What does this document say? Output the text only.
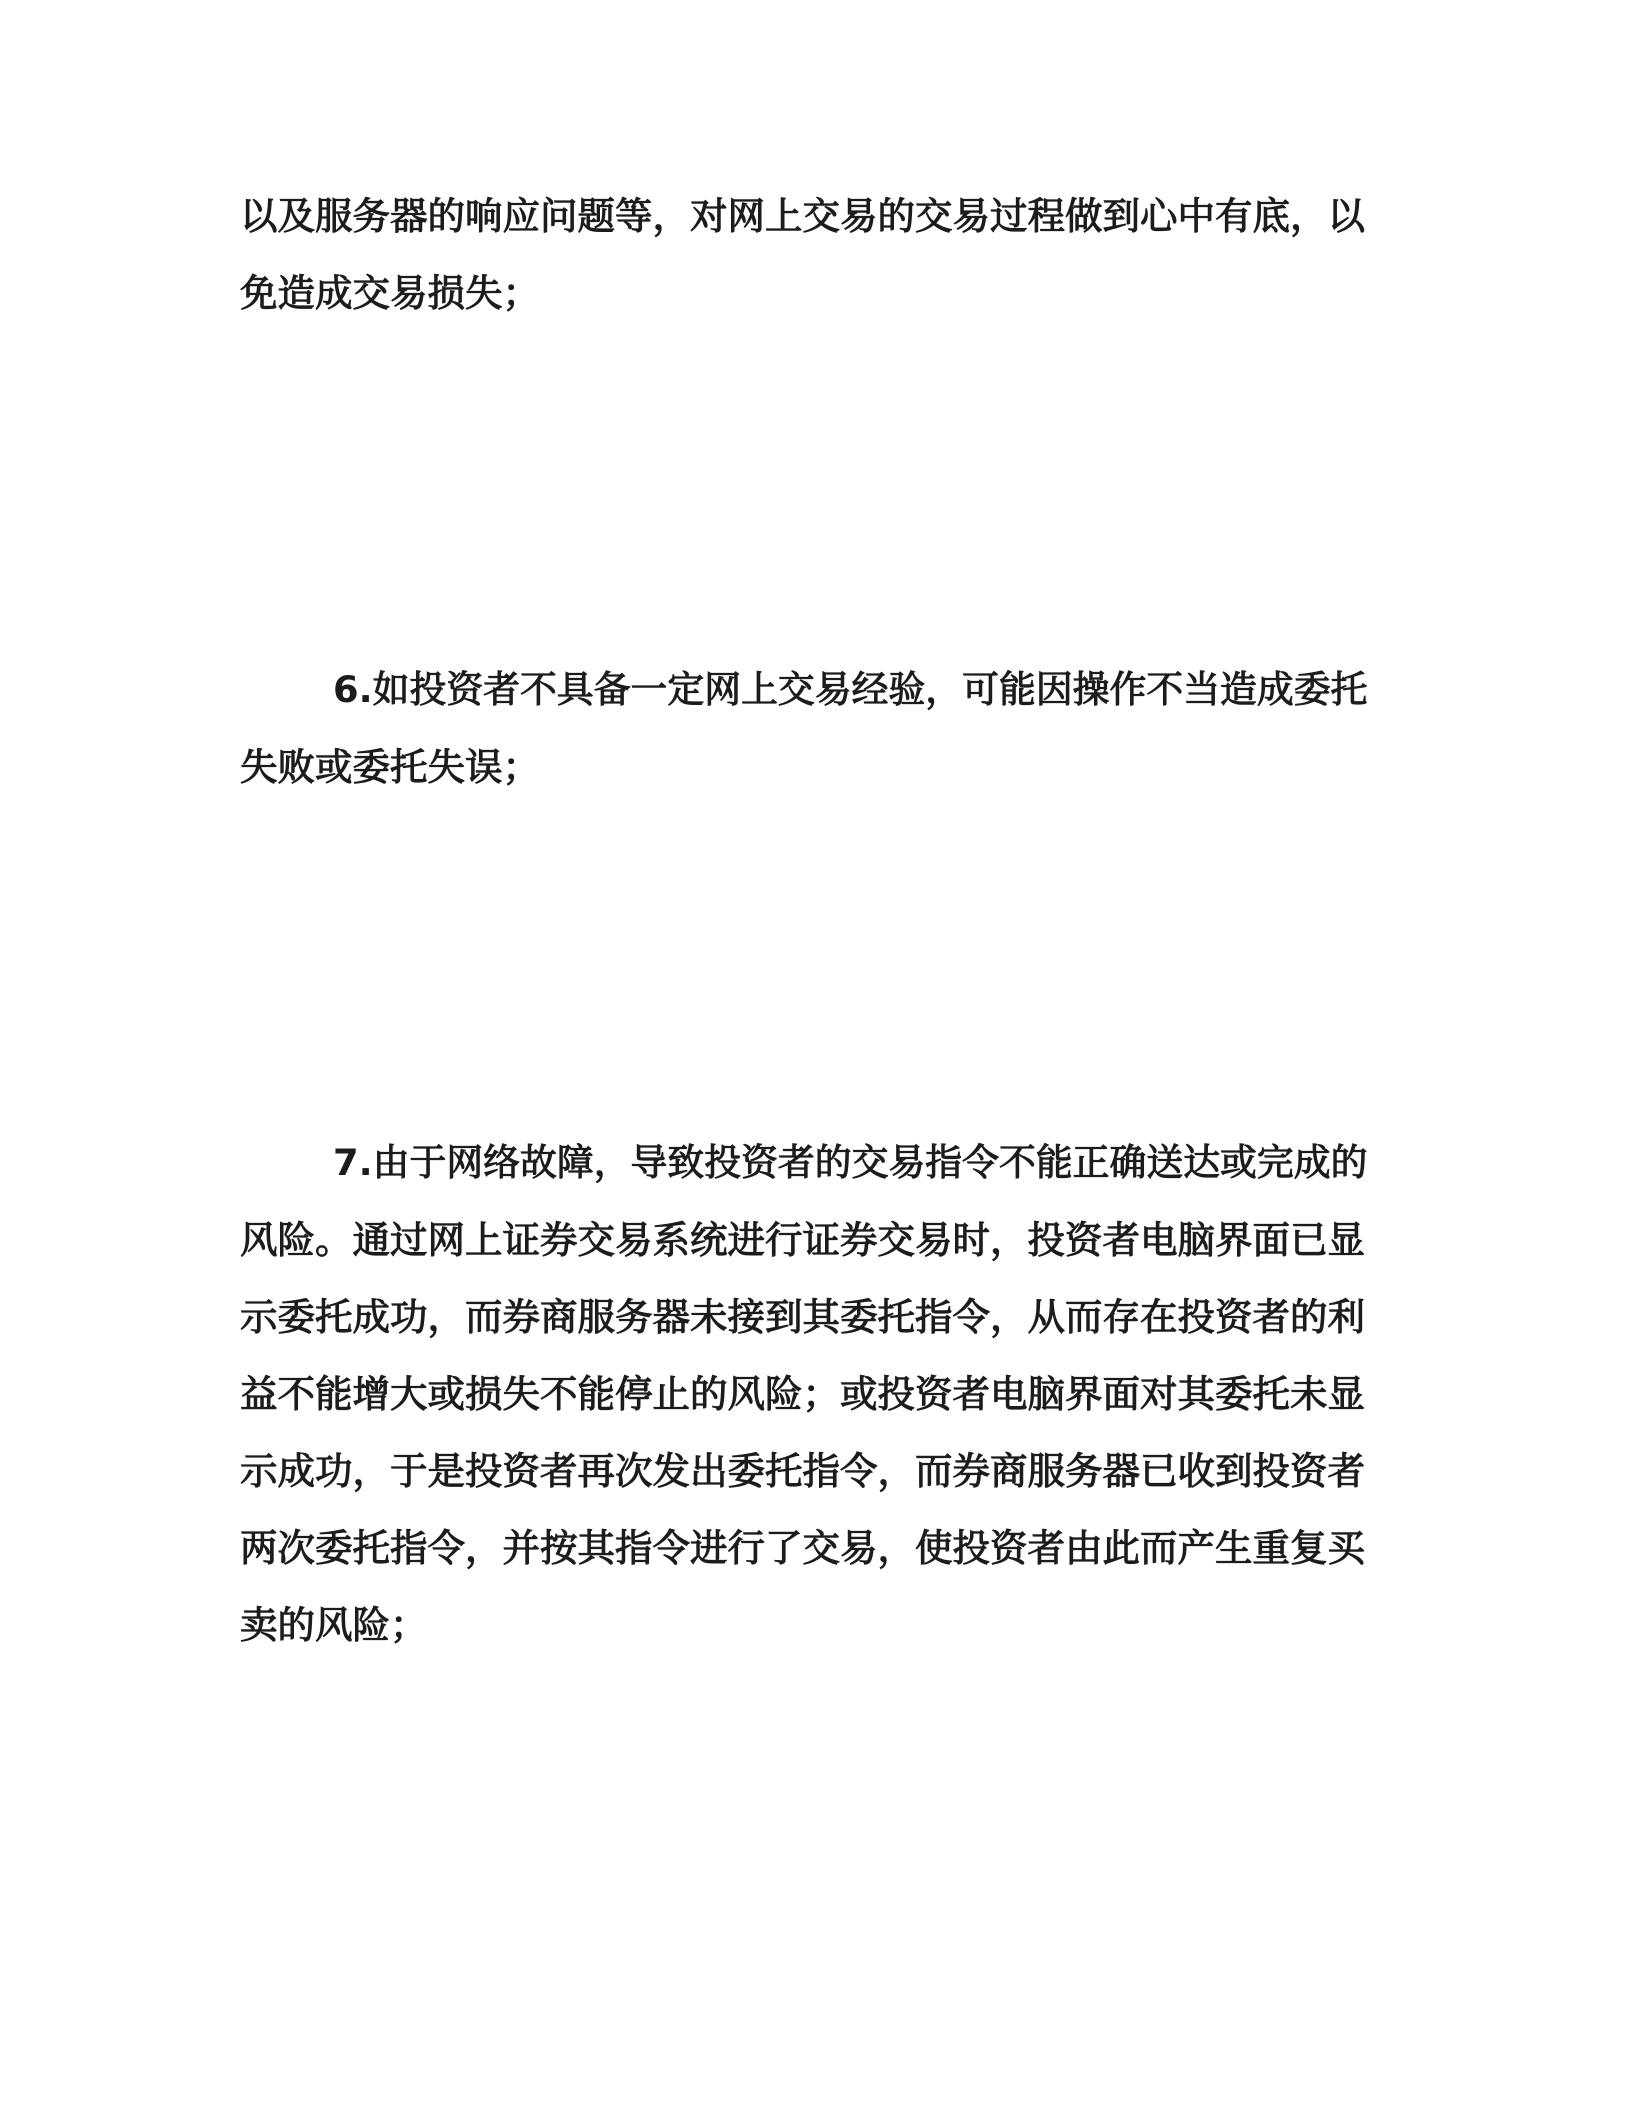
以及服务器的响应问题等，对网上交易的交易过程做到心中有底，以
免造成交易损失；
6.如投资者不具备一定网上交易经验，可能因操作不当造成委托
失败或委托失误；
7.由于网络故障，导致投资者的交易指令不能正确送达或完成的
风险。通过网上证券交易系统进行证券交易时，投资者电脑界面已显
示委托成功，而券商服务器未接到其委托指令，从而存在投资者的利
益不能增大或损失不能停止的风险；或投资者电脑界面对其委托未显
示成功，于是投资者再次发出委托指令，而券商服务器已收到投资者
两次委托指令，并按其指令进行了交易，使投资者由此而产生重复买
卖的风险；
